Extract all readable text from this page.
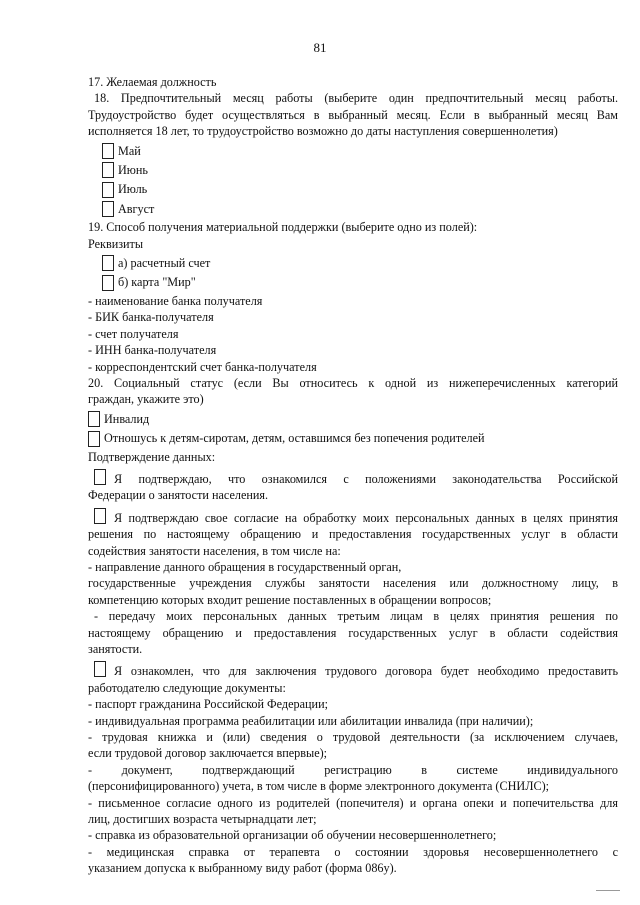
81

17. Желаемая должность

18. Предпочтительный месяц работы (выберите один предпочтительный месяц работы.

Трудоустройство будет осуществляться в выбранный месяц. Если в выбранный месяц Вам

исполняется 18 лет, то трудоустройство возможно до даты наступления совершеннолетия)

Май
Июнь
Июль
Август

19. Способ получения материальной поддержки (выберите одно из полей):

Реквизиты

а) расчетный счет
б) карта "Мир"

- наименование банка получателя

- БИК банка-получателя

- счет получателя

- ИНН банка-получателя

- корреспондентский счет банка-получателя

20. Социальный статус (если Вы относитесь к одной из нижеперечисленных категорий

граждан, укажите это)

Инвалид
Отношусь к детям-сиротам, детям, оставшимся без попечения родителей

Подтверждение данных:

Я подтверждаю, что ознакомился с положениями законодательства Российской

Федерации о занятости населения.

Я подтверждаю свое согласие на обработку моих персональных данных в целях принятия

решения по настоящему обращению и предоставления государственных услуг в области

содействия занятости населения, в том числе на:

- направление данного обращения в государственный орган,

государственные учреждения службы занятости населения или должностному лицу, в

компетенцию которых входит решение поставленных в обращении вопросов;

- передачу моих персональных данных третьим лицам в целях принятия решения по

настоящему обращению и предоставления государственных услуг в области содействия

занятости.

Я ознакомлен, что для заключения трудового договора будет необходимо предоставить

работодателю следующие документы:

- паспорт гражданина Российской Федерации;

- индивидуальная программа реабилитации или абилитации инвалида (при наличии);

- трудовая книжка и (или) сведения о трудовой деятельности (за исключением случаев,

если трудовой договор заключается впервые);

- документ, подтверждающий регистрацию в системе индивидуального

(персонифицированного) учета, в том числе в форме электронного документа (СНИЛС);

- письменное согласие одного из родителей (попечителя) и органа опеки и попечительства для

лиц, достигших возраста четырнадцати лет;

- справка из образовательной организации об обучении несовершеннолетнего;

- медицинская справка от терапевта о состоянии здоровья несовершеннолетнего с

указанием допуска к выбранному виду работ (форма 086у).
